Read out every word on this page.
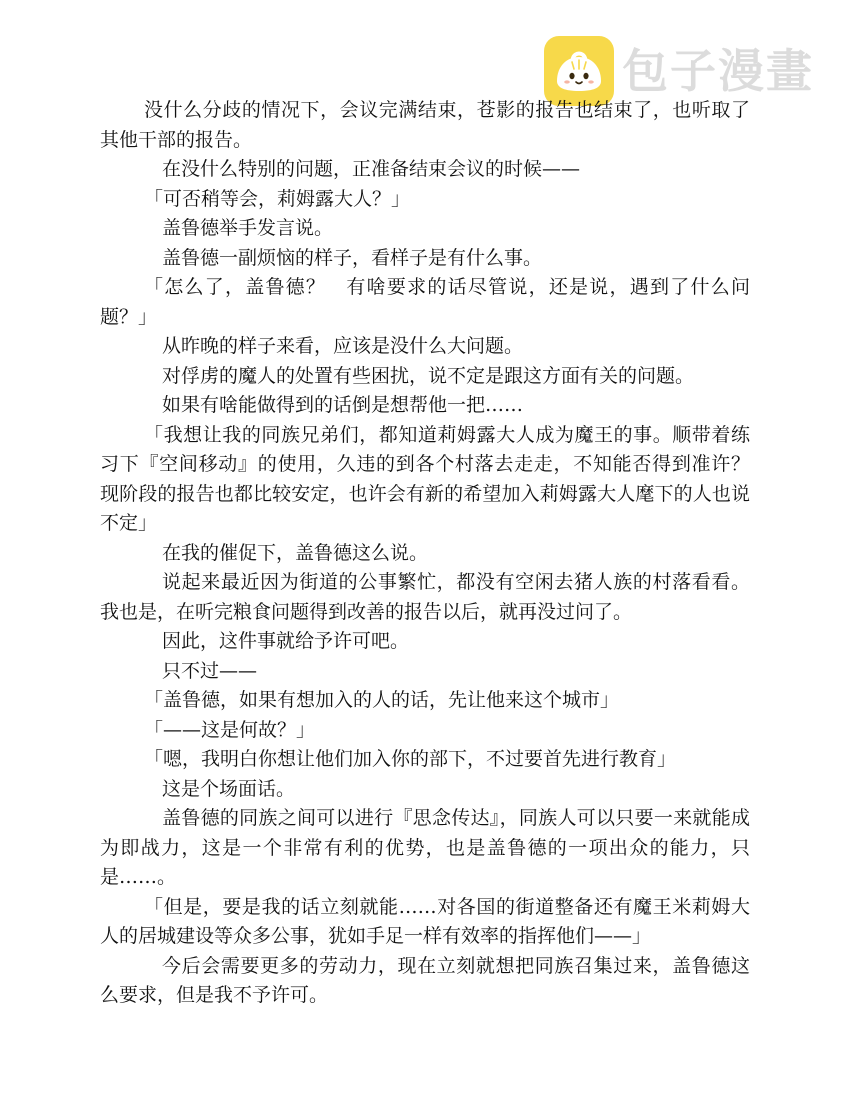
包子漫畫

没什么分歧的情况下，会议完满结束，苍影的报告也结束了，也听取了其他干部的报告。

在没什么特别的问题，正准备结束会议的时候——

「可否稍等会，莉姆露大人？」

盖鲁德举手发言说。

盖鲁德一副烦恼的样子，看样子是有什么事。

「怎么了，盖鲁德？　有啥要求的话尽管说，还是说，遇到了什么问题？」

从昨晚的样子来看，应该是没什么大问题。

对俘虏的魔人的处置有些困扰，说不定是跟这方面有关的问题。

如果有啥能做得到的话倒是想帮他一把……

「我想让我的同族兄弟们，都知道莉姆露大人成为魔王的事。顺带着练习下『空间移动』的使用，久违的到各个村落去走走，不知能否得到准许？　现阶段的报告也都比较安定，也许会有新的希望加入莉姆露大人麾下的人也说不定」

在我的催促下，盖鲁德这么说。

说起来最近因为街道的公事繁忙，都没有空闲去猪人族的村落看看。我也是，在听完粮食问题得到改善的报告以后，就再没过问了。

因此，这件事就给予许可吧。

只不过——

「盖鲁德，如果有想加入的人的话，先让他来这个城市」

「——这是何故？」

「嗯，我明白你想让他们加入你的部下，不过要首先进行教育」

这是个场面话。

盖鲁德的同族之间可以进行『思念传达』，同族人可以只要一来就能成为即战力，这是一个非常有利的优势，也是盖鲁德的一项出众的能力，只是……。

「但是，要是我的话立刻就能……对各国的街道整备还有魔王米莉姆大人的居城建设等众多公事，犹如手足一样有效率的指挥他们——」

今后会需要更多的劳动力，现在立刻就想把同族召集过来，盖鲁德这么要求，但是我不予许可。
